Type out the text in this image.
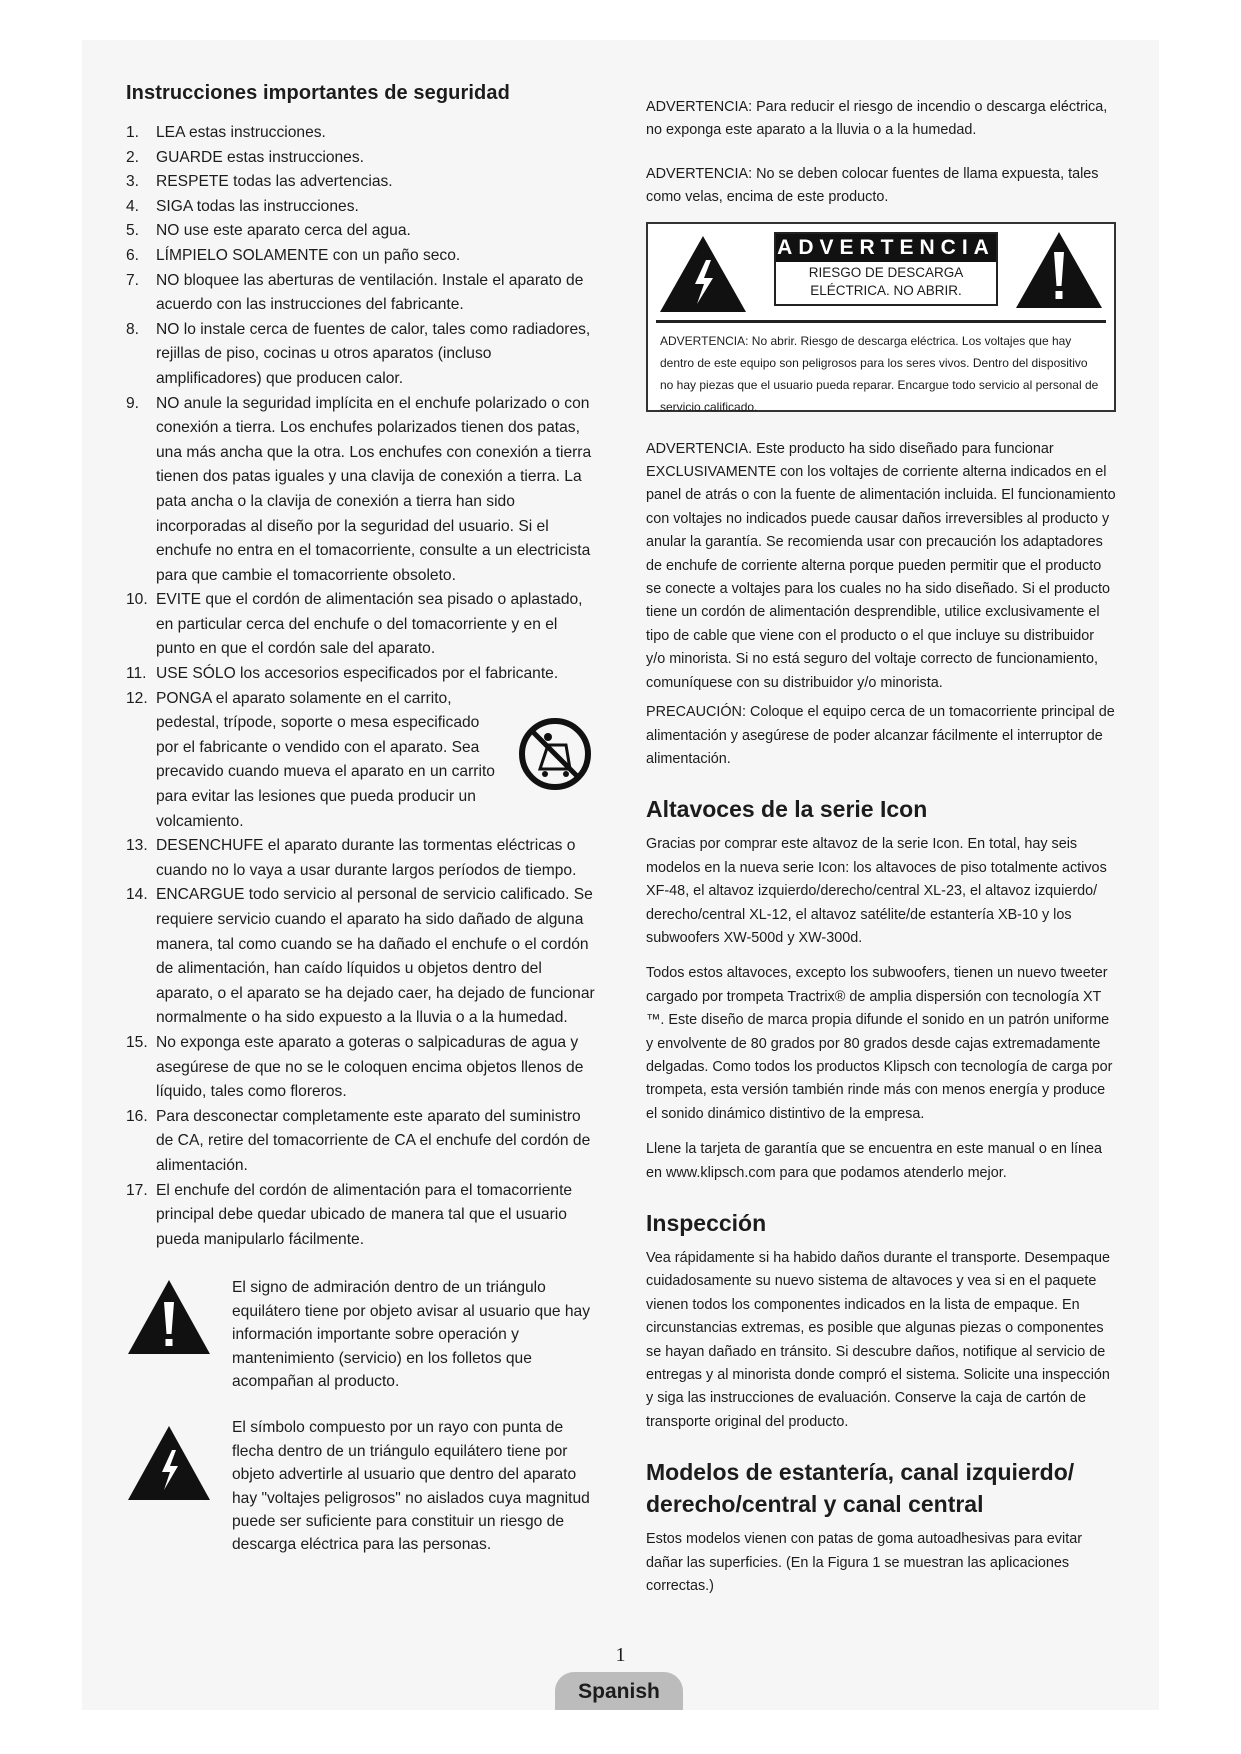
Instrucciones importantes de seguridad
1. LEA estas instrucciones.
2. GUARDE estas instrucciones.
3. RESPETE todas las advertencias.
4. SIGA todas las instrucciones.
5. NO use este aparato cerca del agua.
6. LÍMPIELO SOLAMENTE con un paño seco.
7. NO bloquee las aberturas de ventilación. Instale el aparato de acuerdo con las instrucciones del fabricante.
8. NO lo instale cerca de fuentes de calor, tales como radiadores, rejillas de piso, cocinas u otros aparatos (incluso amplificadores) que producen calor.
9. NO anule la seguridad implícita en el enchufe polarizado o con conexión a tierra. Los enchufes polarizados tienen dos patas, una más ancha que la otra. Los enchufes con conexión a tierra tienen dos patas iguales y una clavija de conexión a tierra. La pata ancha o la clavija de conexión a tierra han sido incorporadas al diseño por la seguridad del usuario. Si el enchufe no entra en el tomacorriente, consulte a un electricista para que cambie el tomacorriente obsoleto.
10. EVITE que el cordón de alimentación sea pisado o aplastado, en particular cerca del enchufe o del tomacorriente y en el punto en que el cordón sale del aparato.
11. USE SÓLO los accesorios especificados por el fabricante.
12. PONGA el aparato solamente en el carrito, pedestal, trípode, soporte o mesa especificado por el fabricante o vendido con el aparato. Sea precavido cuando mueva el aparato en un carrito para evitar las lesiones que pueda producir un volcamiento.
13. DESENCHUFE el aparato durante las tormentas eléctricas o cuando no lo vaya a usar durante largos períodos de tiempo.
14. ENCARGUE todo servicio al personal de servicio calificado. Se requiere servicio cuando el aparato ha sido dañado de alguna manera, tal como cuando se ha dañado el enchufe o el cordón de alimentación, han caído líquidos u objetos dentro del aparato, o el aparato se ha dejado caer, ha dejado de funcionar normalmente o ha sido expuesto a la lluvia o a la humedad.
15. No exponga este aparato a goteras o salpicaduras de agua y asegúrese de que no se le coloquen encima objetos llenos de líquido, tales como floreros.
16. Para desconectar completamente este aparato del suministro de CA, retire del tomacorriente de CA el enchufe del cordón de alimentación.
17. El enchufe del cordón de alimentación para el tomacorriente principal debe quedar ubicado de manera tal que el usuario pueda manipularlo fácilmente.

El signo de admiración dentro de un triángulo equilátero tiene por objeto avisar al usuario que hay información importante sobre operación y mantenimiento (servicio) en los folletos que acompañan al producto.

El símbolo compuesto por un rayo con punta de flecha dentro de un triángulo equilátero tiene por objeto advertirle al usuario que dentro del aparato hay "voltajes peligrosos" no aislados cuya magnitud puede ser suficiente para constituir un riesgo de descarga eléctrica para las personas.

ADVERTENCIA: Para reducir el riesgo de incendio o descarga eléctrica, no exponga este aparato a la lluvia o a la humedad.

ADVERTENCIA: No se deben colocar fuentes de llama expuesta, tales como velas, encima de este producto.

ADVERTENCIA
RIESGO DE DESCARGA ELÉCTRICA. NO ABRIR.
ADVERTENCIA: No abrir. Riesgo de descarga eléctrica. Los voltajes que hay dentro de este equipo son peligrosos para los seres vivos. Dentro del dispositivo no hay piezas que el usuario pueda reparar. Encargue todo servicio al personal de servicio calificado.

ADVERTENCIA. Este producto ha sido diseñado para funcionar EXCLUSIVAMENTE con los voltajes de corriente alterna indicados en el panel de atrás o con la fuente de alimentación incluida. El funcionamiento con voltajes no indicados puede causar daños irreversibles al producto y anular la garantía. Se recomienda usar con precaución los adaptadores de enchufe de corriente alterna porque pueden permitir que el producto se conecte a voltajes para los cuales no ha sido diseñado. Si el producto tiene un cordón de alimentación desprendible, utilice exclusivamente el tipo de cable que viene con el producto o el que incluye su distribuidor y/o minorista. Si no está seguro del voltaje correcto de funcionamiento, comuníquese con su distribuidor y/o minorista.

PRECAUCIÓN: Coloque el equipo cerca de un tomacorriente principal de alimentación y asegúrese de poder alcanzar fácilmente el interruptor de alimentación.

Altavoces de la serie Icon

Gracias por comprar este altavoz de la serie Icon. En total, hay seis modelos en la nueva serie Icon: los altavoces de piso totalmente activos XF-48, el altavoz izquierdo/derecho/central XL-23, el altavoz izquierdo/ derecho/central XL-12, el altavoz satélite/de estantería XB-10 y los subwoofers XW-500d y XW-300d.

Todos estos altavoces, excepto los subwoofers, tienen un nuevo tweeter cargado por trompeta Tractrix® de amplia dispersión con tecnología XT ™. Este diseño de marca propia difunde el sonido en un patrón uniforme y envolvente de 80 grados por 80 grados desde cajas extremadamente delgadas. Como todos los productos Klipsch con tecnología de carga por trompeta, esta versión también rinde más con menos energía y produce el sonido dinámico distintivo de la empresa.

Llene la tarjeta de garantía que se encuentra en este manual o en línea en www.klipsch.com para que podamos atenderlo mejor.

Inspección

Vea rápidamente si ha habido daños durante el transporte. Desempaque cuidadosamente su nuevo sistema de altavoces y vea si en el paquete vienen todos los componentes indicados en la lista de empaque. En circunstancias extremas, es posible que algunas piezas o componentes se hayan dañado en tránsito. Si descubre daños, notifique al servicio de entregas y al minorista donde compró el sistema. Solicite una inspección y siga las instrucciones de evaluación. Conserve la caja de cartón de transporte original del producto.

Modelos de estantería, canal izquierdo/ derecho/central y canal central

Estos modelos vienen con patas de goma autoadhesivas para evitar dañar las superficies. (En la Figura 1 se muestran las aplicaciones correctas.)

1
Spanish
